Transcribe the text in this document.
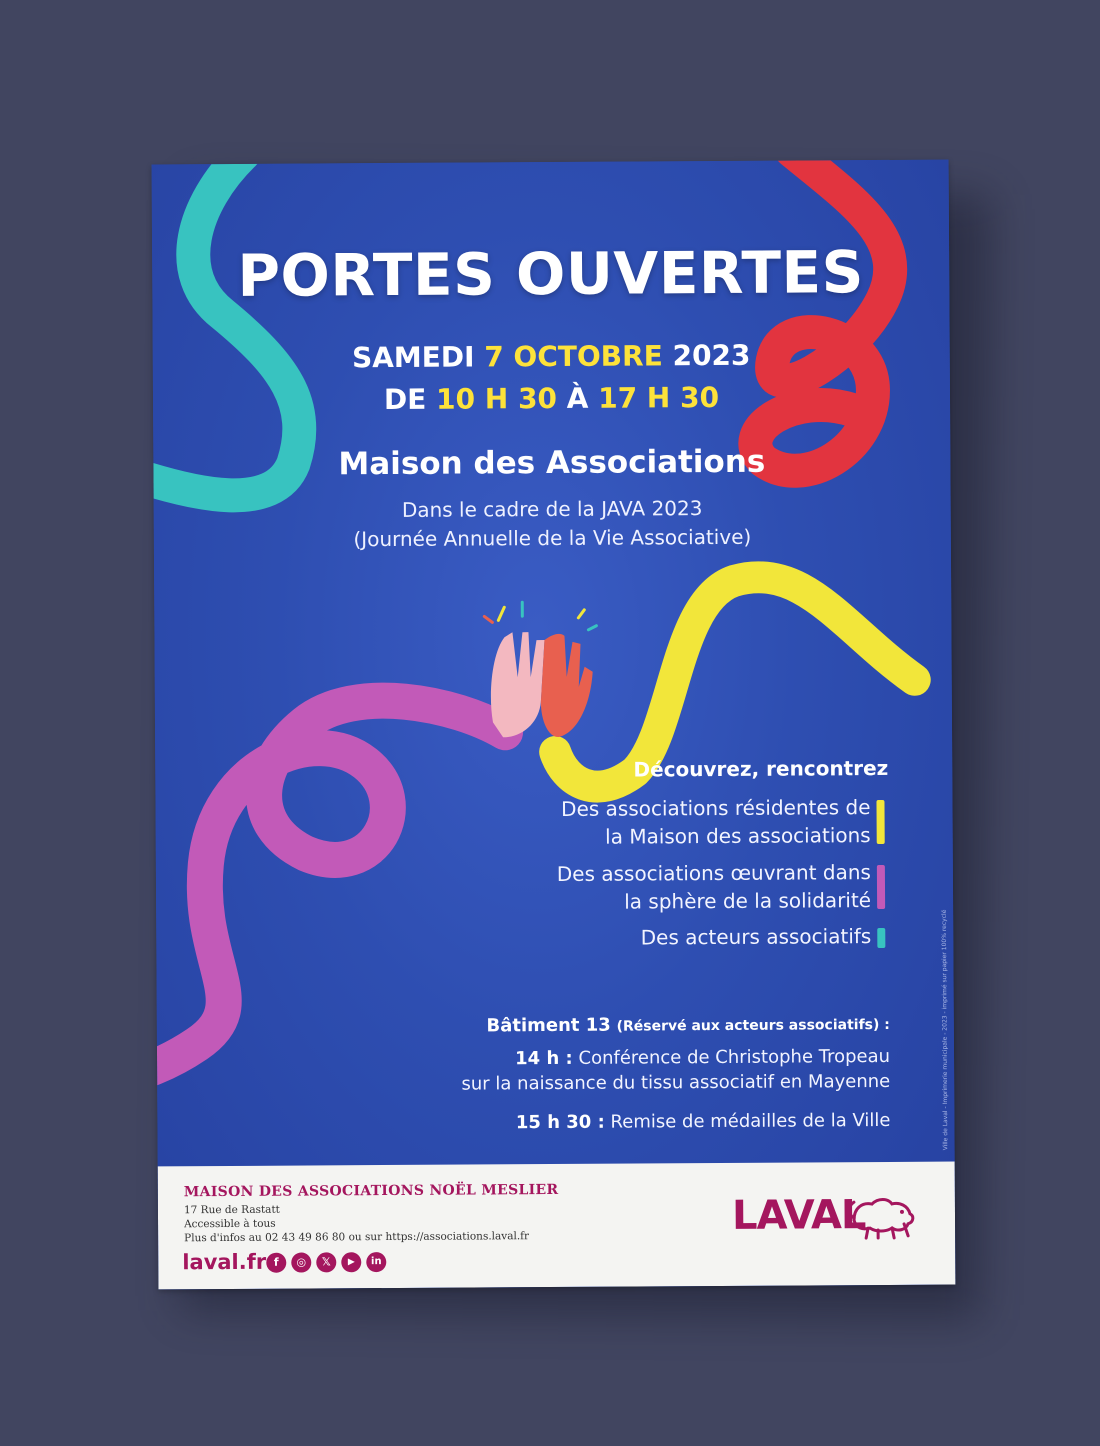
PORTES OUVERTES
SAMEDI 7 OCTOBRE 2023
DE 10 H 30 À 17 H 30
Maison des Associations
Dans le cadre de la JAVA 2023
(Journée Annuelle de la Vie Associative)
Découvrez, rencontrez
Des associations résidentes de
la Maison des associations
Des associations œuvrant dans
la sphère de la solidarité
Des acteurs associatifs
Bâtiment 13 (Réservé aux acteurs associatifs) :
14 h : Conférence de Christophe Tropeau
sur la naissance du tissu associatif en Mayenne
15 h 30 : Remise de médailles de la Ville	Ville de Laval - Imprimerie municipale - 2023 - imprimé sur papier 100% recyclé
MAISON DES ASSOCIATIONS NOËL MESLIER
17 Rue de Rastatt
Accessible à tous
Plus d'infos au 02 43 49 86 80 ou sur https://associations.laval.fr
laval.fr f	◎	𝕏	▶	in
LAVAL
